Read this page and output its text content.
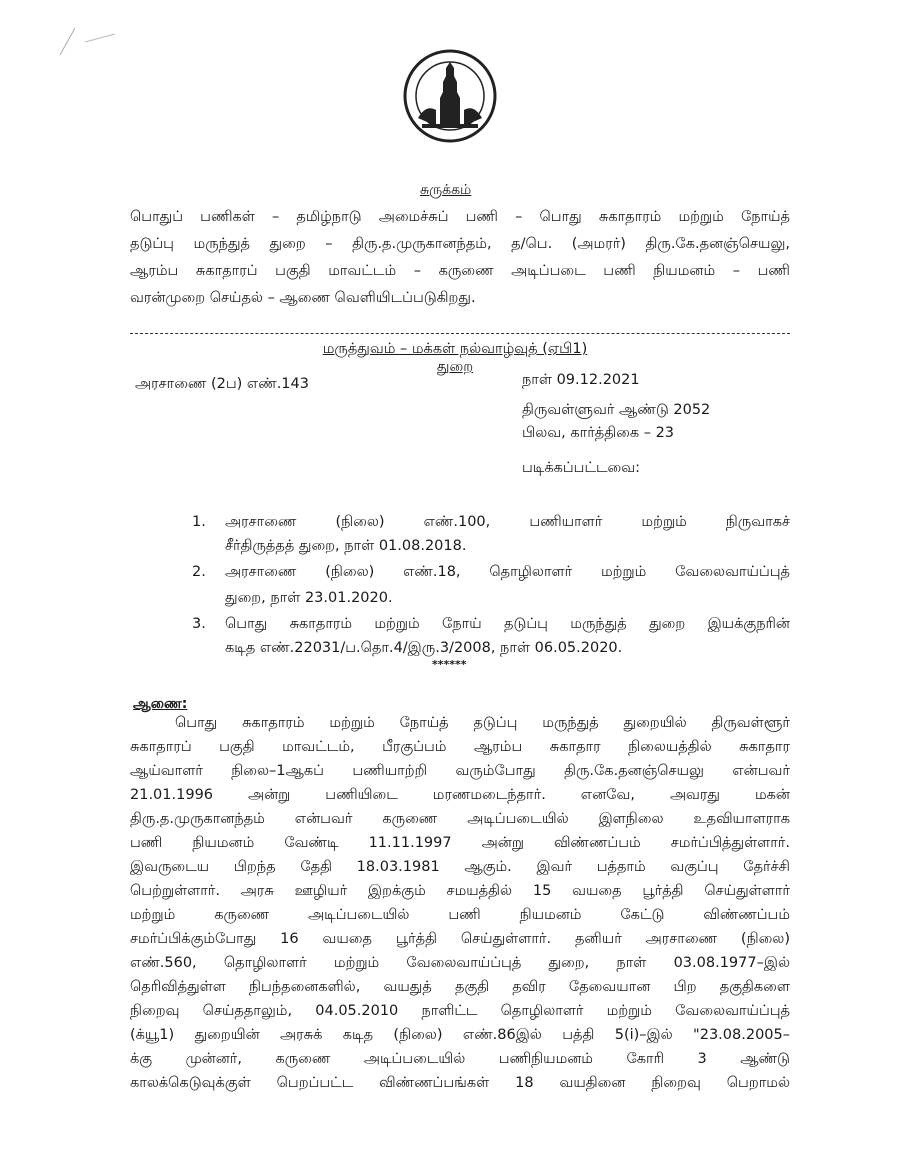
சுருக்கம்
பொதுப் பணிகள் – தமிழ்நாடு அமைச்சுப் பணி – பொது சுகாதாரம் மற்றும் நோய்த்
தடுப்பு மருந்துத் துறை – திரு.த.முருகானந்தம், த/பெ. (அமரர்) திரு.கே.தனஞ்செயலு,
ஆரம்ப சுகாதாரப் பகுதி மாவட்டம் – கருணை அடிப்படை பணி நியமனம் – பணி
வரன்முறை செய்தல் – ஆணை வெளியிடப்படுகிறது.
மருத்துவம் – மக்கள் நல்வாழ்வுத் (ஏபி1) துறை
அரசாணை (2ப) எண்.143	நாள் 09.12.2021
திருவள்ளுவர் ஆண்டு 2052
பிலவ, கார்த்திகை – 23
படிக்கப்பட்டவை:
1. அரசாணை (நிலை) எண்.100, பணியாளர் மற்றும் நிருவாகச்
சீர்திருத்தத் துறை, நாள் 01.08.2018.
2. அரசாணை (நிலை) எண்.18, தொழிலாளர் மற்றும் வேலைவாய்ப்புத்
துறை, நாள் 23.01.2020.
3. பொது சுகாதாரம் மற்றும் நோய் தடுப்பு மருந்துத் துறை இயக்குநரின்
கடித எண்.22031/ப.தொ.4/இரு.3/2008, நாள் 06.05.2020.
******
ஆணை:
பொது சுகாதாரம் மற்றும் நோய்த் தடுப்பு மருந்துத் துறையில் திருவள்ளூர்
சுகாதாரப் பகுதி மாவட்டம், பீரகுப்பம் ஆரம்ப சுகாதார நிலையத்தில் சுகாதார
ஆய்வாளர் நிலை–1ஆகப் பணியாற்றி வரும்போது திரு.கே.தனஞ்செயலு என்பவர்
21.01.1996 அன்று பணியிடை மரணமடைந்தார். எனவே, அவரது மகன்
திரு.த.முருகானந்தம் என்பவர் கருணை அடிப்படையில் இளநிலை உதவியாளராக
பணி நியமனம் வேண்டி 11.11.1997 அன்று விண்ணப்பம் சமர்ப்பித்துள்ளார்.
இவருடைய பிறந்த தேதி 18.03.1981 ஆகும். இவர் பத்தாம் வகுப்பு தேர்ச்சி
பெற்றுள்ளார். அரசு ஊழியர் இறக்கும் சமயத்தில் 15 வயதை பூர்த்தி செய்துள்ளார்
மற்றும் கருணை அடிப்படையில் பணி நியமனம் கேட்டு விண்ணப்பம்
சமர்ப்பிக்கும்போது 16 வயதை பூர்த்தி செய்துள்ளார். தனியர் அரசாணை (நிலை)
எண்.560, தொழிலாளர் மற்றும் வேலைவாய்ப்புத் துறை, நாள் 03.08.1977–இல்
தெரிவித்துள்ள நிபந்தனைகளில், வயதுத் தகுதி தவிர தேவையான பிற தகுதிகளை
நிறைவு செய்ததாலும், 04.05.2010 நாளிட்ட தொழிலாளர் மற்றும் வேலைவாய்ப்புத்
(க்யூ1) துறையின் அரசுக் கடித (நிலை) எண்.86இல் பத்தி 5(i)–இல் "23.08.2005–
க்கு முன்னர், கருணை அடிப்படையில் பணிநியமனம் கோரி 3 ஆண்டு
காலக்கெடுவுக்குள் பெறப்பட்ட விண்ணப்பங்கள் 18 வயதினை நிறைவு பெறாமல்
